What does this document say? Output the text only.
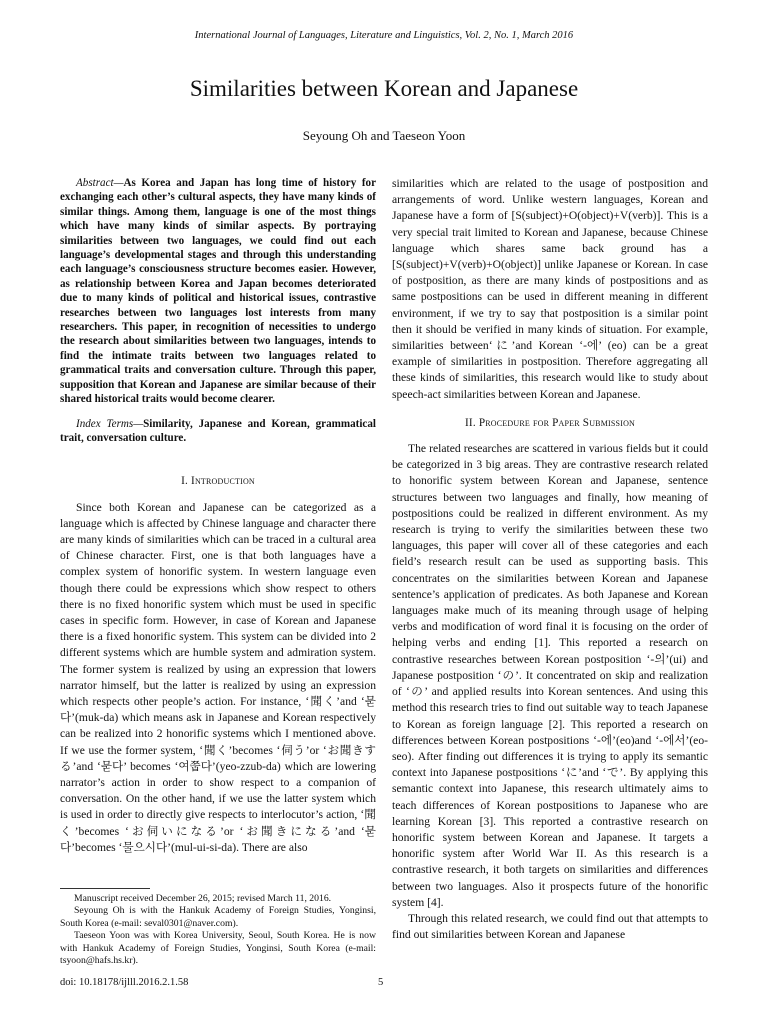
International Journal of Languages, Literature and Linguistics, Vol. 2, No. 1, March 2016
Similarities between Korean and Japanese
Seyoung Oh and Taeseon Yoon

Abstract—As Korea and Japan has long time of history for exchanging each other’s cultural aspects, they have many kinds of similar things. Among them, language is one of the most things which have many kinds of similar aspects. By portraying similarities between two languages, we could find out each language’s developmental stages and through this understanding each language’s consciousness structure becomes easier. However, as relationship between Korea and Japan becomes deteriorated due to many kinds of political and historical issues, contrastive researches between two languages lost interests from many researchers. This paper, in recognition of necessities to undergo the research about similarities between two languages, intends to find the intimate traits between two languages related to grammatical traits and conversation culture. Through this paper, supposition that Korean and Japanese are similar because of their shared historical traits would become clearer.

Index Terms—Similarity, Japanese and Korean, grammatical trait, conversation culture.

I. Introduction

Since both Korean and Japanese can be categorized as a language which is affected by Chinese language and character there are many kinds of similarities which can be traced in a cultural area of Chinese character. First, one is that both languages have a complex system of honorific system. In western language even though there could be expressions which show respect to others there is no fixed honorific system which must be used in specific cases in specific form. However, in case of Korean and Japanese there is a fixed honorific system. This system can be divided into 2 different systems which are humble system and admiration system. The former system is realized by using an expression that lowers narrator himself, but the latter is realized by using an expression which respects other people’s action. For instance, ‘聞く’and ‘묻다’(muk-da) which means ask in Japanese and Korean respectively can be realized into 2 honorific systems which I mentioned above. If we use the former system, ‘聞く’becomes ‘伺う’or ‘お聞きする’and ‘묻다’ becomes ‘여쭙다’(yeo-zzub-da) which are lowering narrator’s action in order to show respect to a companion of conversation. On the other hand, if we use the latter system which is used in order to directly give respects to interlocutor’s action, ‘聞く’becomes ‘お伺いになる’or ‘お聞きになる’and ‘묻다’becomes ‘물으시다’(mul-ui-si-da). There are also

similarities which are related to the usage of postposition and arrangements of word. Unlike western languages, Korean and Japanese have a form of [S(subject)+O(object)+V(verb)]. This is a very special trait limited to Korean and Japanese, because Chinese language which shares same back ground has a [S(subject)+V(verb)+O(object)] unlike Japanese or Korean. In case of postposition, as there are many kinds of postpositions and as same postpositions can be used in different meaning in different environment, if we try to say that postposition is a similar point then it should be verified in many kinds of situation. For example, similarities between‘に’and Korean ‘-에’ (eo) can be a great example of similarities in postposition. Therefore aggregating all these kinds of similarities, this research would like to study about speech-act similarities between Korean and Japanese.

II. Procedure for Paper Submission

The related researches are scattered in various fields but it could be categorized in 3 big areas. They are contrastive research related to honorific system between Korean and Japanese, sentence structures between two languages and finally, how meaning of postpositions could be realized in different environment. As my research is trying to verify the similarities between these two languages, this paper will cover all of these categories and each field’s research result can be used as supporting basis. This concentrates on the similarities between Korean and Japanese sentence’s application of predicates. As both Japanese and Korean languages make much of its meaning through usage of helping verbs and modification of word final it is focusing on the order of helping verbs and ending [1]. This reported a research on contrastive researches between Korean postposition ‘-의’(ui) and Japanese postposition ‘の’. It concentrated on skip and realization of ‘の’ and applied results into Korean sentences. And using this method this research tries to find out suitable way to teach Japanese to Korean as foreign language [2]. This reported a research on differences between Korean postpositions ‘-에’(eo)and ‘-에서’(eo-seo). After finding out differences it is trying to apply its semantic context into Japanese postpositions ‘に’and ‘で’. By applying this semantic context into Japanese, this research ultimately aims to teach differences of Korean postpositions to Japanese who are learning Korean [3]. This reported a contrastive research on honorific system between Korean and Japanese. It targets a honorific system after World War II. As this research is a contrastive research, it both targets on similarities and differences between two languages. Also it prospects future of the honorific system [4].

Through this related research, we could find out that attempts to find out similarities between Korean and Japanese

Manuscript received December 26, 2015; revised March 11, 2016.

Seyoung Oh is with the Hankuk Academy of Foreign Studies, Yonginsi, South Korea (e-mail: seval0301@naver.com).

Taeseon Yoon was with Korea University, Seoul, South Korea. He is now with Hankuk Academy of Foreign Studies, Yonginsi, South Korea (e-mail: tsyoon@hafs.hs.kr).

doi: 10.18178/ijlll.2016.2.1.58	5
